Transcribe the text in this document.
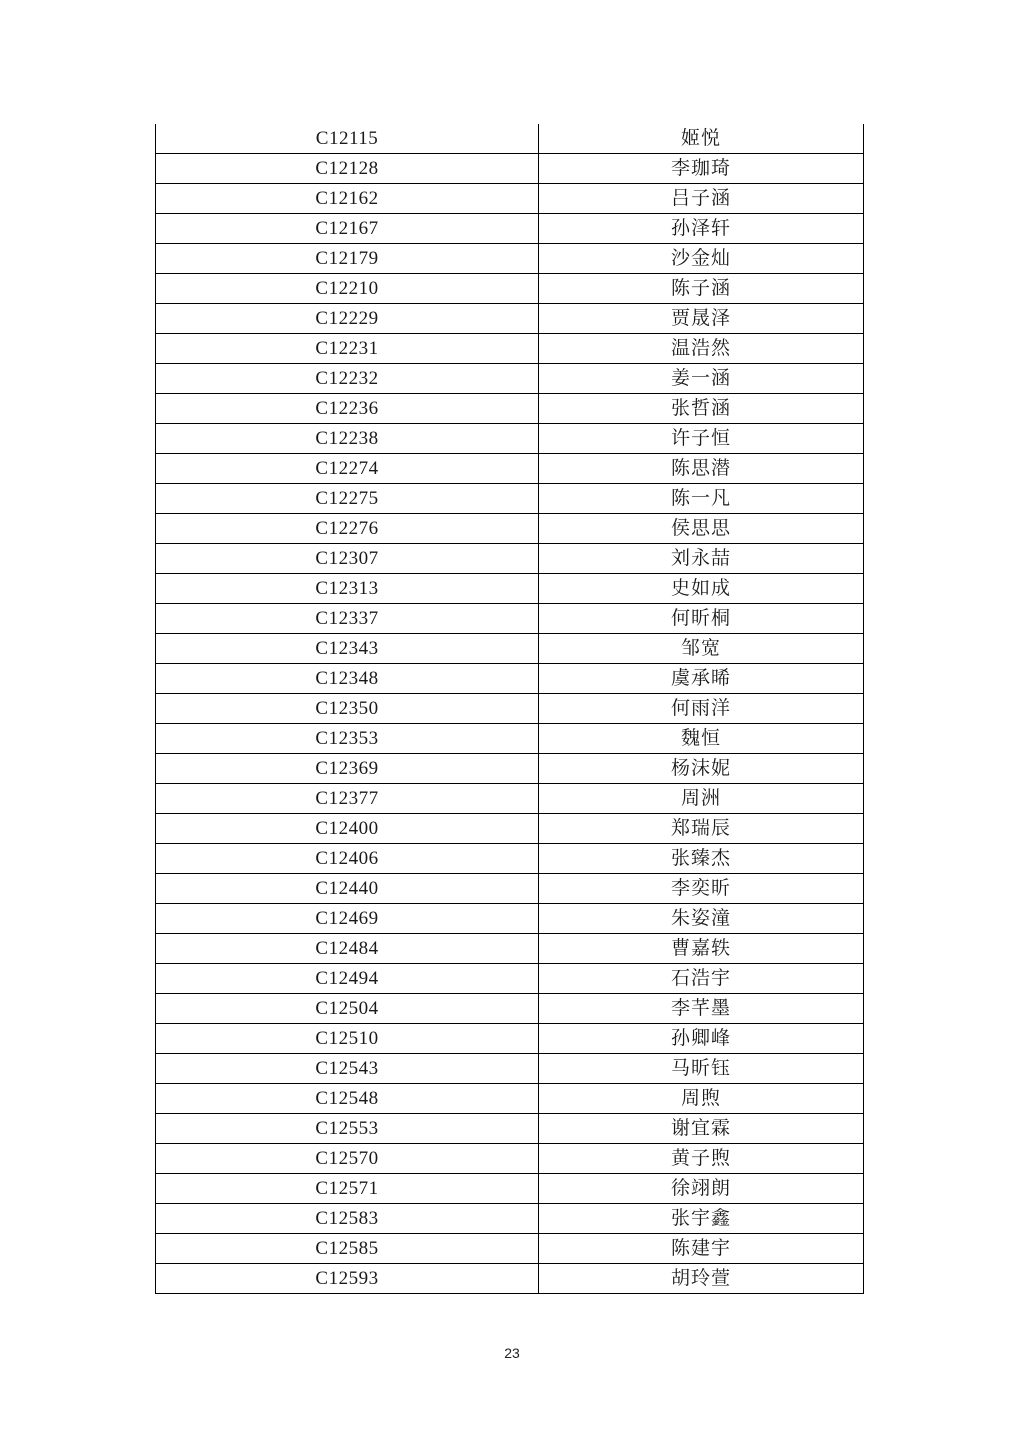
C12115	姬悦
C12128	李珈琦
C12162	吕子涵
C12167	孙泽轩
C12179	沙金灿
C12210	陈子涵
C12229	贾晟泽
C12231	温浩然
C12232	姜一涵
C12236	张哲涵
C12238	许子恒
C12274	陈思潜
C12275	陈一凡
C12276	侯思思
C12307	刘永喆
C12313	史如成
C12337	何昕桐
C12343	邹宽
C12348	虞承晞
C12350	何雨洋
C12353	魏恒
C12369	杨沫妮
C12377	周洲
C12400	郑瑞辰
C12406	张臻杰
C12440	李奕昕
C12469	朱姿潼
C12484	曹嘉轶
C12494	石浩宇
C12504	李芊墨
C12510	孙卿峰
C12543	马昕钰
C12548	周煦
C12553	谢宜霖
C12570	黄子煦
C12571	徐翊朗
C12583	张宇鑫
C12585	陈建宇
C12593	胡玲萱
23
